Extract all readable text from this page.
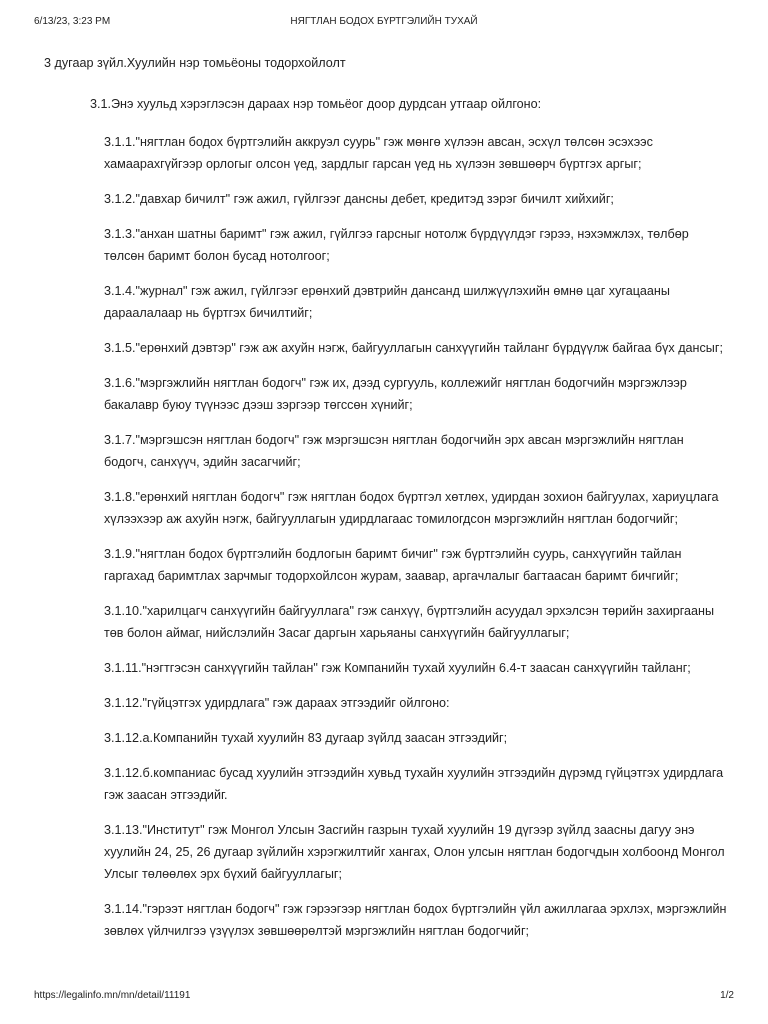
6/13/23, 3:23 PM	НЯГТЛАН БОДОХ БҮРТГЭЛИЙН ТУХАЙ

3 дугаар зүйл.Хуулийн нэр томьёоны тодорхойлолт

3.1.Энэ хуульд хэрэглэсэн дараах нэр томьёог доор дурдсан утгаар ойлгоно:

3.1.1."нягтлан бодох бүртгэлийн аккруэл суурь" гэж мөнгө хүлээн авсан, эсхүл төлсөн эсэхээс хамаарахгүйгээр орлогыг олсон үед, зардлыг гарсан үед нь хүлээн зөвшөөрч бүртгэх аргыг;

3.1.2."давхар бичилт" гэж ажил, гүйлгээг дансны дебет, кредитэд зэрэг бичилт хийхийг;

3.1.3."анхан шатны баримт" гэж ажил, гүйлгээ гарсныг нотолж бүрдүүлдэг гэрээ, нэхэмжлэх, төлбөр төлсөн баримт болон бусад нотолгоог;

3.1.4."журнал" гэж ажил, гүйлгээг ерөнхий дэвтрийн дансанд шилжүүлэхийн өмнө цаг хугацааны дараалалаар нь бүртгэх бичилтийг;

3.1.5."ерөнхий дэвтэр" гэж аж ахуйн нэгж, байгууллагын санхүүгийн тайланг бүрдүүлж байгаа бүх дансыг;

3.1.6."мэргэжлийн нягтлан бодогч" гэж их, дээд сургууль, коллежийг нягтлан бодогчийн мэргэжлээр бакалавр буюу түүнээс дээш зэргээр төгссөн хүнийг;

3.1.7."мэргэшсэн нягтлан бодогч" гэж мэргэшсэн нягтлан бодогчийн эрх авсан мэргэжлийн нягтлан бодогч, санхүүч, эдийн засагчийг;

3.1.8."ерөнхий нягтлан бодогч" гэж нягтлан бодох бүртгэл хөтлөх, удирдан зохион байгуулах, хариуцлага хүлээхээр аж ахуйн нэгж, байгууллагын удирдлагаас томилогдсон мэргэжлийн нягтлан бодогчийг;

3.1.9."нягтлан бодох бүртгэлийн бодлогын баримт бичиг" гэж бүртгэлийн суурь, санхүүгийн тайлан гаргахад баримтлах зарчмыг тодорхойлсон журам, заавар, аргачлалыг багтаасан баримт бичгийг;

3.1.10."харилцагч санхүүгийн байгууллага" гэж санхүү, бүртгэлийн асуудал эрхэлсэн төрийн захиргааны төв болон аймаг, нийслэлийн Засаг даргын харьяаны санхүүгийн байгууллагыг;

3.1.11."нэгтгэсэн санхүүгийн тайлан" гэж Компанийн тухай хуулийн 6.4-т заасан санхүүгийн тайланг;

3.1.12."гүйцэтгэх удирдлага" гэж дараах этгээдийг ойлгоно:

3.1.12.а.Компанийн тухай хуулийн 83 дугаар зүйлд заасан этгээдийг;

3.1.12.б.компаниас бусад хуулийн этгээдийн хувьд тухайн хуулийн этгээдийн дүрэмд гүйцэтгэх удирдлага гэж заасан этгээдийг.

3.1.13."Институт" гэж Монгол Улсын Засгийн газрын тухай хуулийн 19 дүгээр зүйлд заасны дагуу энэ хуулийн 24, 25, 26 дугаар зүйлийн хэрэгжилтийг хангах, Олон улсын нягтлан бодогчдын холбоонд Монгол Улсыг төлөөлөх эрх бүхий байгууллагыг;

3.1.14."гэрээт нягтлан бодогч" гэж гэрээгээр нягтлан бодох бүртгэлийн үйл ажиллагаа эрхлэх, мэргэжлийн зөвлөх үйлчилгээ үзүүлэх зөвшөөрөлтэй мэргэжлийн нягтлан бодогчийг;

https://legalinfo.mn/mn/detail/11191	1/2
